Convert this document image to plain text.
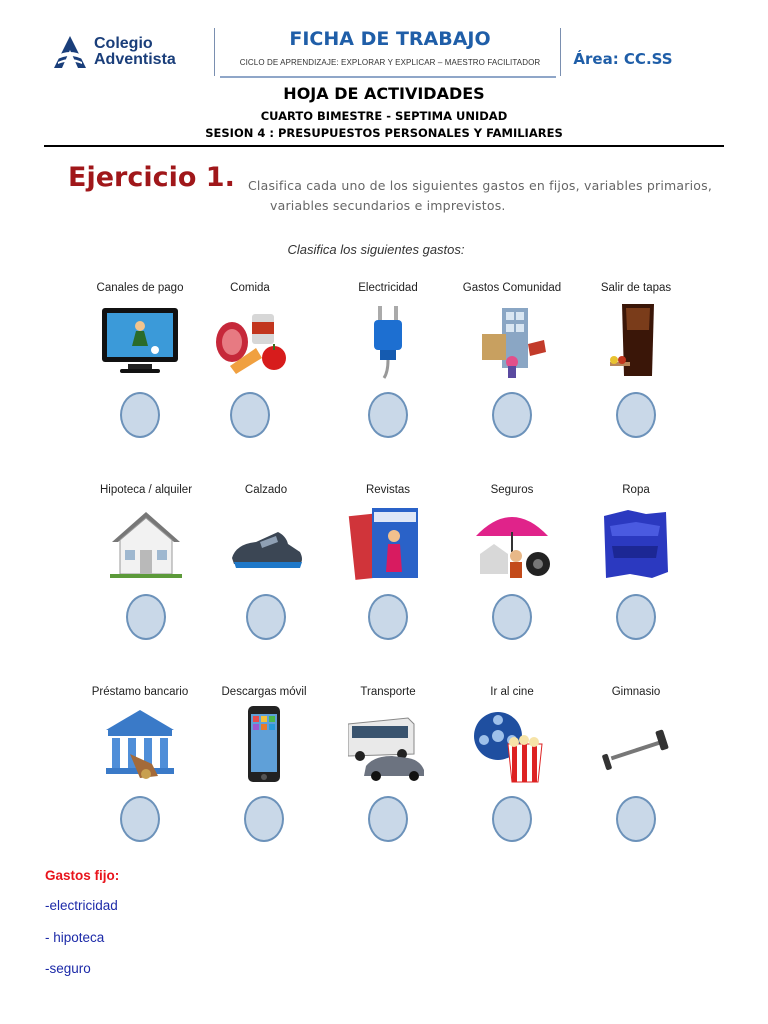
Colegio
Adventista
FICHA DE TRABAJO
CICLO DE APRENDIZAJE: EXPLORAR Y EXPLICAR – MAESTRO FACILITADOR	Área: CC.SS
HOJA DE ACTIVIDADES
CUARTO BIMESTRE - SEPTIMA UNIDAD
SESION 4 : PRESUPUESTOS PERSONALES Y FAMILIARES
Ejercicio 1. Clasifica cada uno de los siguientes gastos en fijos, variables primarios,
variables secundarios e imprevistos.
Clasifica los siguientes gastos:
Canales de pago	Comida	Electricidad	Gastos Comunidad	Salir de tapas
Hipoteca / alquiler	Calzado	Revistas	Seguros	Ropa
Préstamo bancario	Descargas móvil	Transporte	Ir al cine	Gimnasio
Gastos fijo:
-electricidad
- hipoteca
-seguro
